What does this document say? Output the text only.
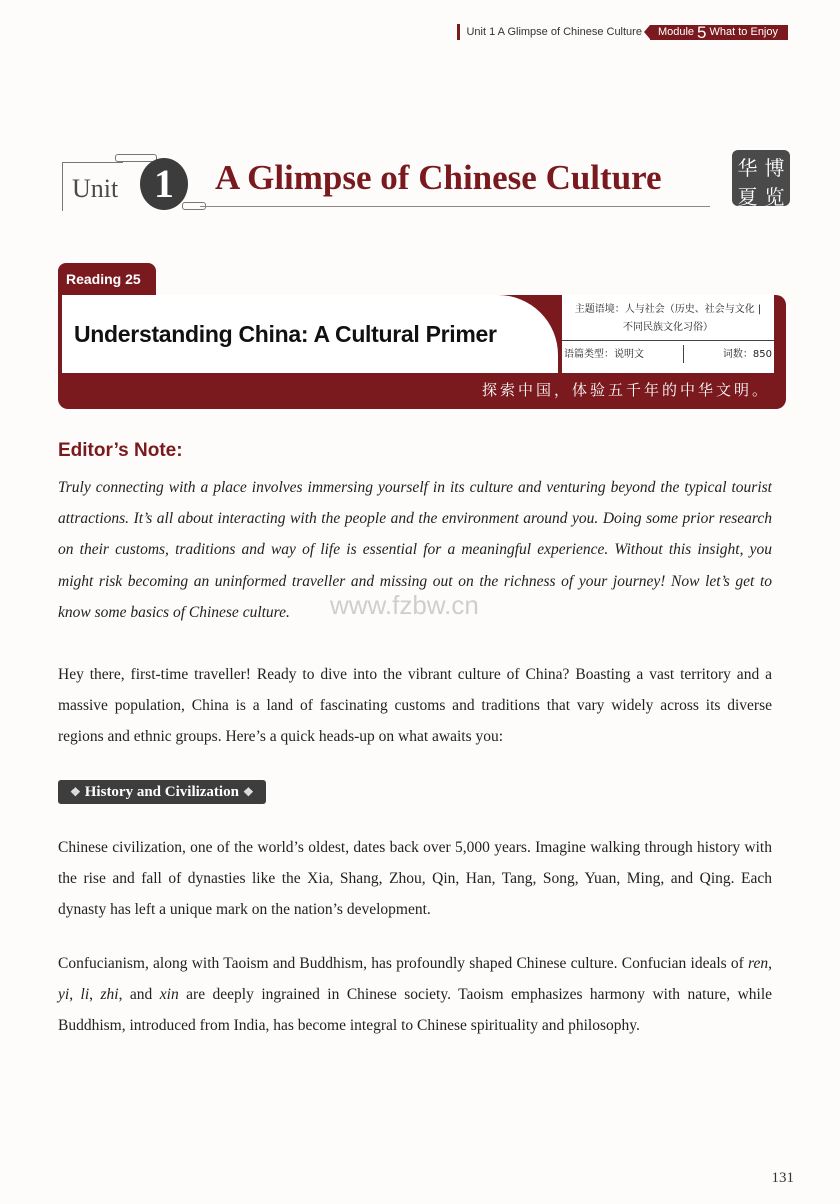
Unit 1 A Glimpse of Chinese Culture Module 5 What to Enjoy
Unit 1	A Glimpse of Chinese Culture	华 博
夏 览
Reading 25
Understanding China: A Cultural Primer
主题语境：人与社会（历史、社会与文化 |
不同民族文化习俗）
语篇类型：说明文	词数：850
探索中国，体验五千年的中华文明。
Editor’s Note:

Truly connecting with a place involves immersing yourself in its culture and venturing beyond the typical tourist attractions. It’s all about interacting with the people and the environment around you. Doing some prior research on their customs, traditions and way of life is essential for a meaningful experience. Without this insight, you might risk becoming an uninformed traveller and missing out on the richness of your journey! Now let’s get to know some basics of Chinese culture.	www.fzbw.cn

Hey there, first-time traveller! Ready to dive into the vibrant culture of China? Boasting a vast territory and a massive population, China is a land of fascinating customs and traditions that vary widely across its diverse regions and ethnic groups. Here’s a quick heads-up on what awaits you:

❖ History and Civilization ❖

Chinese civilization, one of the world’s oldest, dates back over 5,000 years. Imagine walking through history with the rise and fall of dynasties like the Xia, Shang, Zhou, Qin, Han, Tang, Song, Yuan, Ming, and Qing. Each dynasty has left a unique mark on the nation’s development.

Confucianism, along with Taoism and Buddhism, has profoundly shaped Chinese culture. Confucian ideals of ren, yi, li, zhi, and xin are deeply ingrained in Chinese society. Taoism emphasizes harmony with nature, while Buddhism, introduced from India, has become integral to Chinese spirituality and philosophy.

131
